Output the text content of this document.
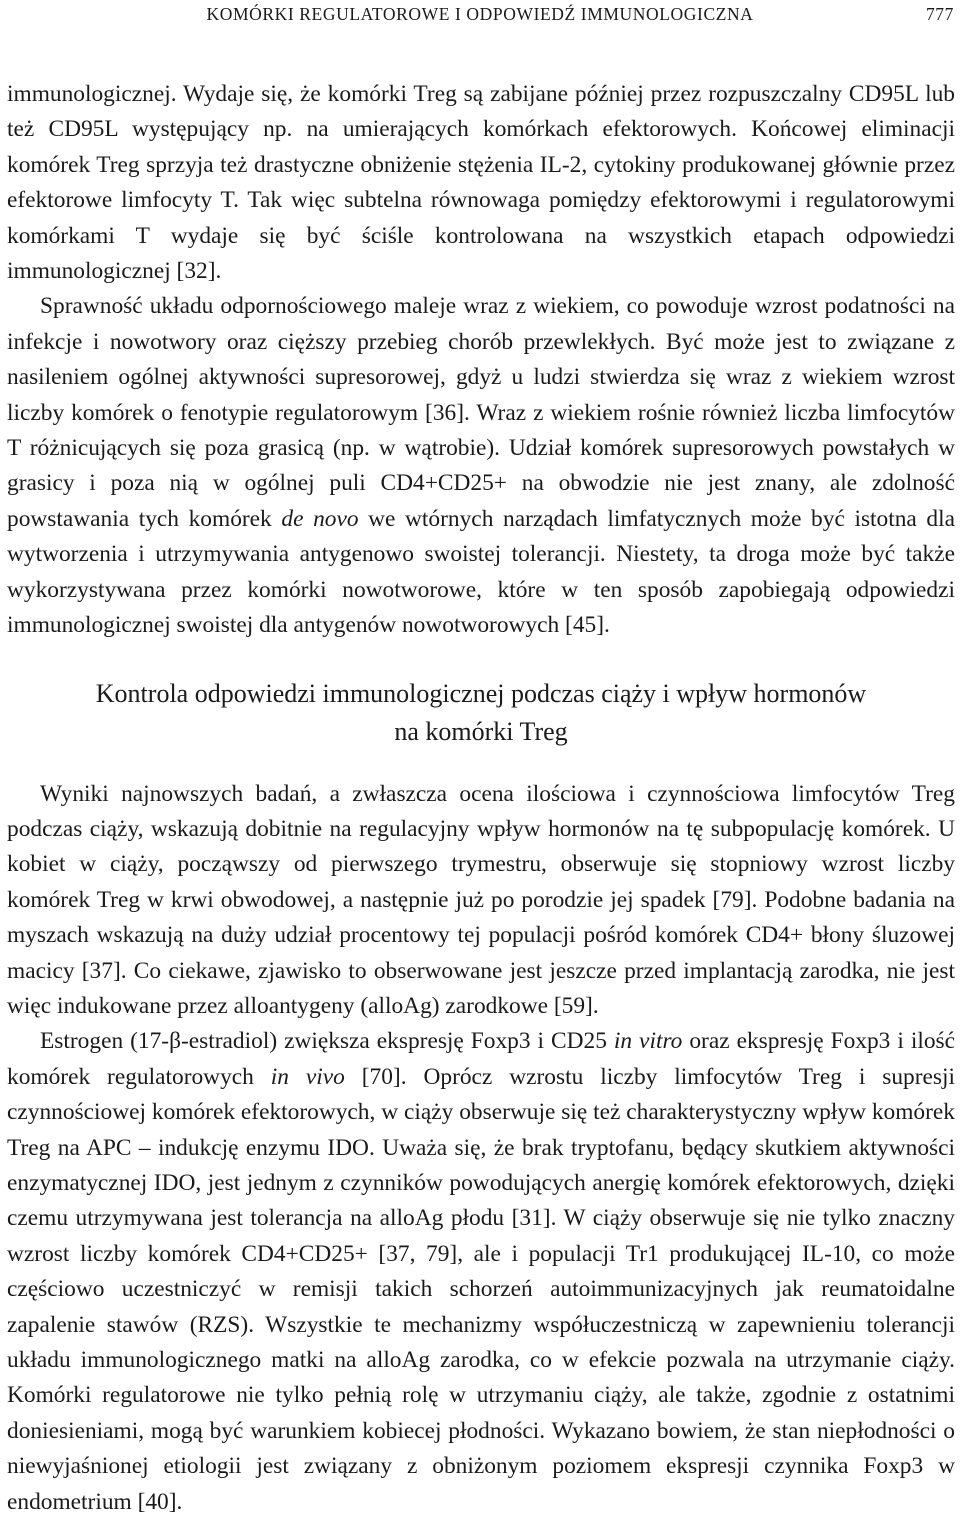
KOMÓRKI REGULATOROWE I ODPOWIEDŹ IMMUNOLOGICZNA	777

immunologicznej. Wydaje się, że komórki Treg są zabijane później przez rozpuszczalny CD95L lub też CD95L występujący np. na umierających komórkach efektorowych. Końcowej eliminacji komórek Treg sprzyja też drastyczne obniżenie stężenia IL-2, cytokiny produkowanej głównie przez efektorowe limfocyty T. Tak więc subtelna równowaga pomiędzy efektorowymi i regulatorowymi komórkami T wydaje się być ściśle kontrolowana na wszystkich etapach odpowiedzi immunologicznej [32].

Sprawność układu odpornościowego maleje wraz z wiekiem, co powoduje wzrost podatności na infekcje i nowotwory oraz cięższy przebieg chorób przewlekłych. Być może jest to związane z nasileniem ogólnej aktywności supresorowej, gdyż u ludzi stwierdza się wraz z wiekiem wzrost liczby komórek o fenotypie regulatorowym [36]. Wraz z wiekiem rośnie również liczba limfocytów T różnicujących się poza grasicą (np. w wątrobie). Udział komórek supresorowych powstałych w grasicy i poza nią w ogólnej puli CD4+CD25+ na obwodzie nie jest znany, ale zdolność powstawania tych komórek de novo we wtórnych narządach limfatycznych może być istotna dla wytworzenia i utrzymywania antygenowo swoistej tolerancji. Niestety, ta droga może być także wykorzystywana przez komórki nowotworowe, które w ten sposób zapobiegają odpowiedzi immunologicznej swoistej dla antygenów nowotworowych [45].

Kontrola odpowiedzi immunologicznej podczas ciąży i wpływ hormonów
na komórki Treg

Wyniki najnowszych badań, a zwłaszcza ocena ilościowa i czynnościowa limfocytów Treg podczas ciąży, wskazują dobitnie na regulacyjny wpływ hormonów na tę subpopulację komórek. U kobiet w ciąży, począwszy od pierwszego trymestru, obserwuje się stopniowy wzrost liczby komórek Treg w krwi obwodowej, a następnie już po porodzie jej spadek [79]. Podobne badania na myszach wskazują na duży udział procentowy tej populacji pośród komórek CD4+ błony śluzowej macicy [37]. Co ciekawe, zjawisko to obserwowane jest jeszcze przed implantacją zarodka, nie jest więc indukowane przez alloantygeny (alloAg) zarodkowe [59].

Estrogen (17-β-estradiol) zwiększa ekspresję Foxp3 i CD25 in vitro oraz ekspresję Foxp3 i ilość komórek regulatorowych in vivo [70]. Oprócz wzrostu liczby limfocytów Treg i supresji czynnościowej komórek efektorowych, w ciąży obserwuje się też charakterystyczny wpływ komórek Treg na APC – indukcję enzymu IDO. Uważa się, że brak tryptofanu, będący skutkiem aktywności enzymatycznej IDO, jest jednym z czynników powodujących anergię komórek efektorowych, dzięki czemu utrzymywana jest tolerancja na alloAg płodu [31]. W ciąży obserwuje się nie tylko znaczny wzrost liczby komórek CD4+CD25+ [37, 79], ale i populacji Tr1 produkującej IL-10, co może częściowo uczestniczyć w remisji takich schorzeń autoimmunizacyjnych jak reumatoidalne zapalenie stawów (RZS). Wszystkie te mechanizmy współuczestniczą w zapewnieniu tolerancji układu immunologicznego matki na alloAg zarodka, co w efekcie pozwala na utrzymanie ciąży. Komórki regulatorowe nie tylko pełnią rolę w utrzymaniu ciąży, ale także, zgodnie z ostatnimi doniesieniami, mogą być warunkiem kobiecej płodności. Wykazano bowiem, że stan niepłodności o niewyjaśnionej etiologii jest związany z obniżonym poziomem ekspresji czynnika Foxp3 w endometrium [40].
